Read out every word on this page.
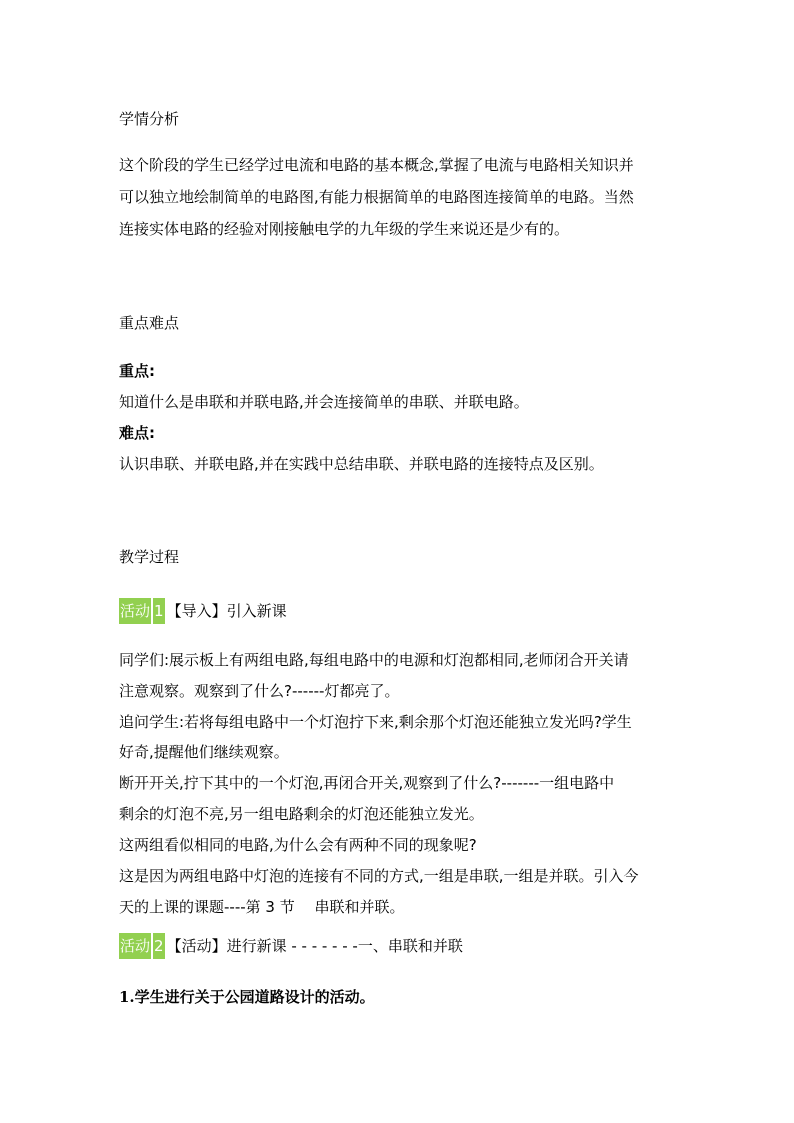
学情分析
这个阶段的学生已经学过电流和电路的基本概念,掌握了电流与电路相关知识并
可以独立地绘制简单的电路图,有能力根据简单的电路图连接简单的电路。当然
连接实体电路的经验对刚接触电学的九年级的学生来说还是少有的。
重点难点
重点:
知道什么是串联和并联电路,并会连接简单的串联、并联电路。
难点:
认识串联、并联电路,并在实践中总结串联、并联电路的连接特点及区别。
教学过程
活动 1 【导入】引入新课
同学们:展示板上有两组电路,每组电路中的电源和灯泡都相同,老师闭合开关请
注意观察。观察到了什么?------灯都亮了。
追问学生:若将每组电路中一个灯泡拧下来,剩余那个灯泡还能独立发光吗?学生
好奇,提醒他们继续观察。
断开开关,拧下其中的一个灯泡,再闭合开关,观察到了什么?-------一组电路中
剩余的灯泡不亮,另一组电路剩余的灯泡还能独立发光。
这两组看似相同的电路,为什么会有两种不同的现象呢?
这是因为两组电路中灯泡的连接有不同的方式,一组是串联,一组是并联。引入今
天的上课的课题----第 3 节　 串联和并联。
活动 2 【活动】进行新课 - - - - - - -一、串联和并联
1.学生进行关于公园道路设计的活动。
